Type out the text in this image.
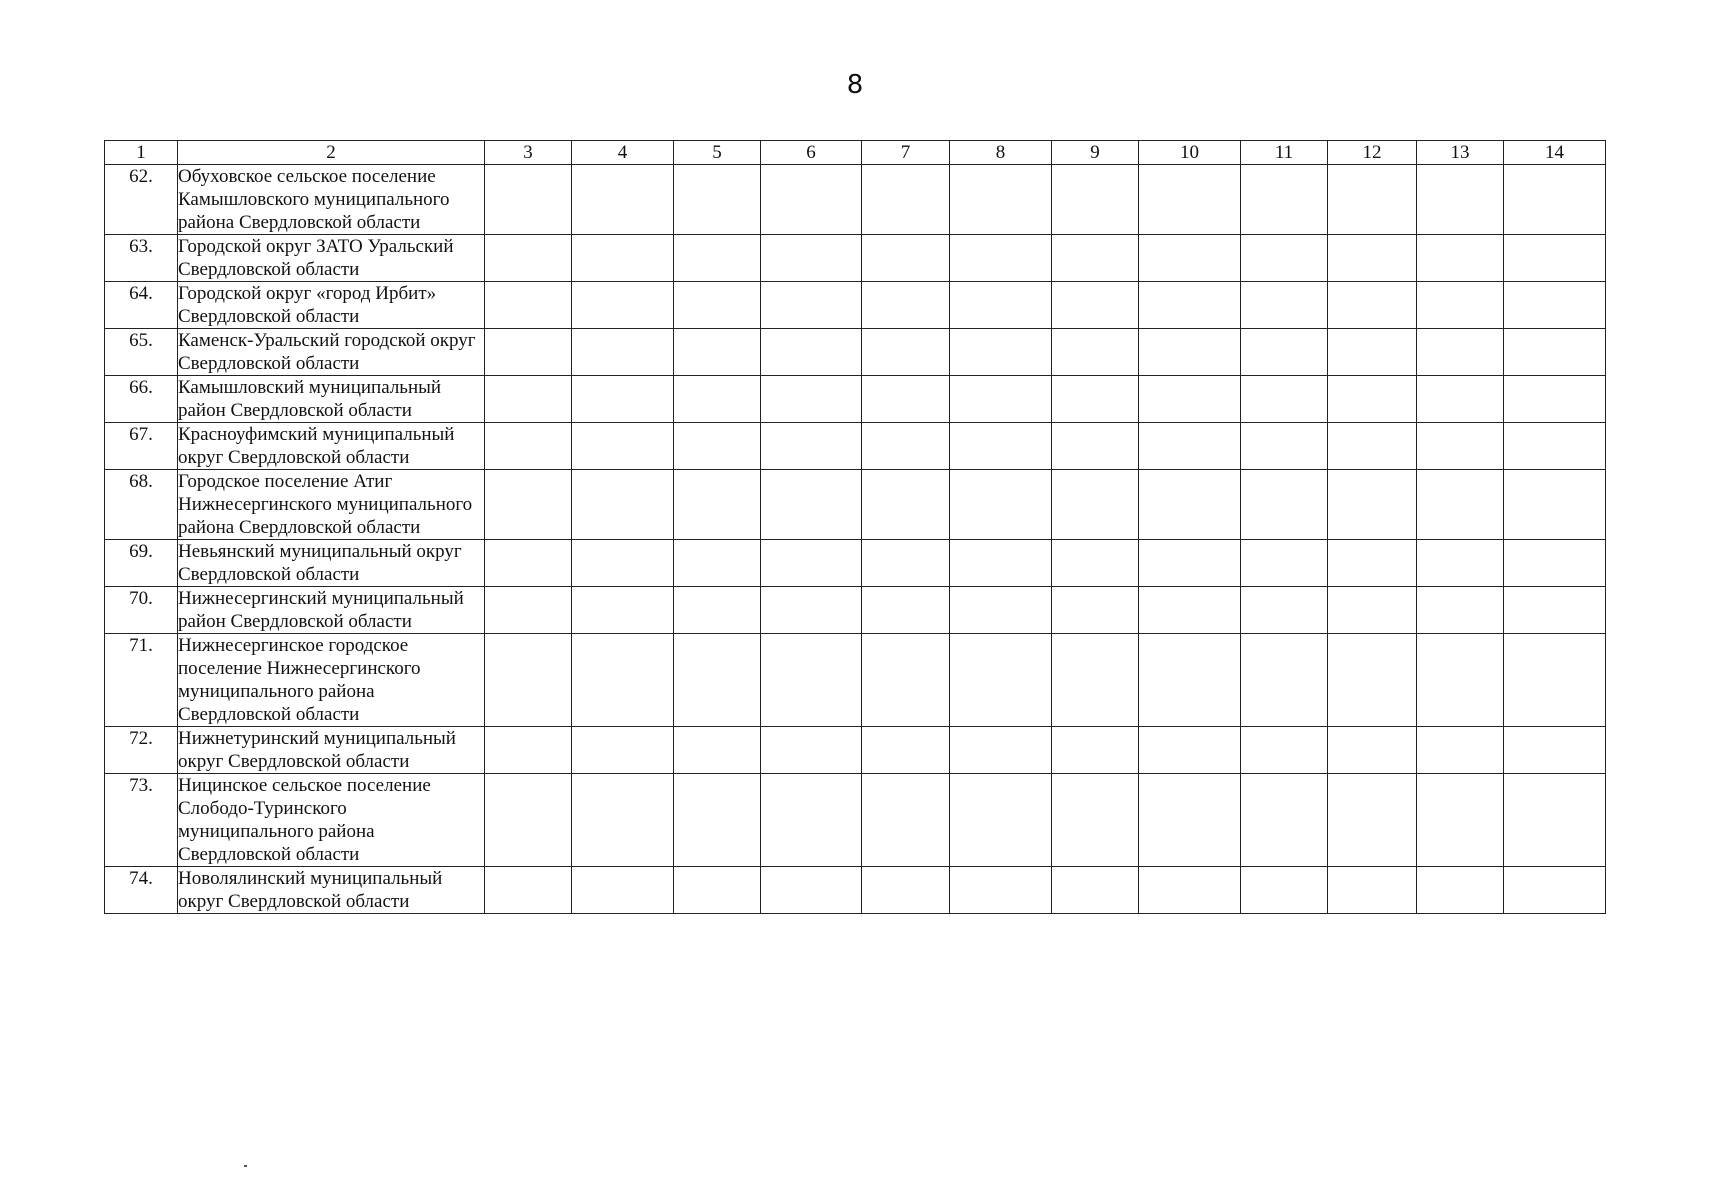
8
1	2	3	4	5	6	7	8	9	10	11	12	13	14
62.	Обуховское сельское поселение Камышловского муниципального района Свердловской области												
63.	Городской округ ЗАТО Уральский Свердловской области												
64.	Городской округ «город Ирбит» Свердловской области												
65.	Каменск-Уральский городской округ Свердловской области												
66.	Камышловский муниципальный район Свердловской области												
67.	Красноуфимский муниципальный округ Свердловской области												
68.	Городское поселение Атиг Нижнесергинского муниципального района Свердловской области												
69.	Невьянский муниципальный округ Свердловской области												
70.	Нижнесергинский муниципальный район Свердловской области												
71.	Нижнесергинское городское поселение Нижнесергинского муниципального района Свердловской области												
72.	Нижнетуринский муниципальный округ Свердловской области												
73.	Ницинское сельское поселение Слободо-Туринского муниципального района Свердловской области												
74.	Новолялинский муниципальный округ Свердловской области												
